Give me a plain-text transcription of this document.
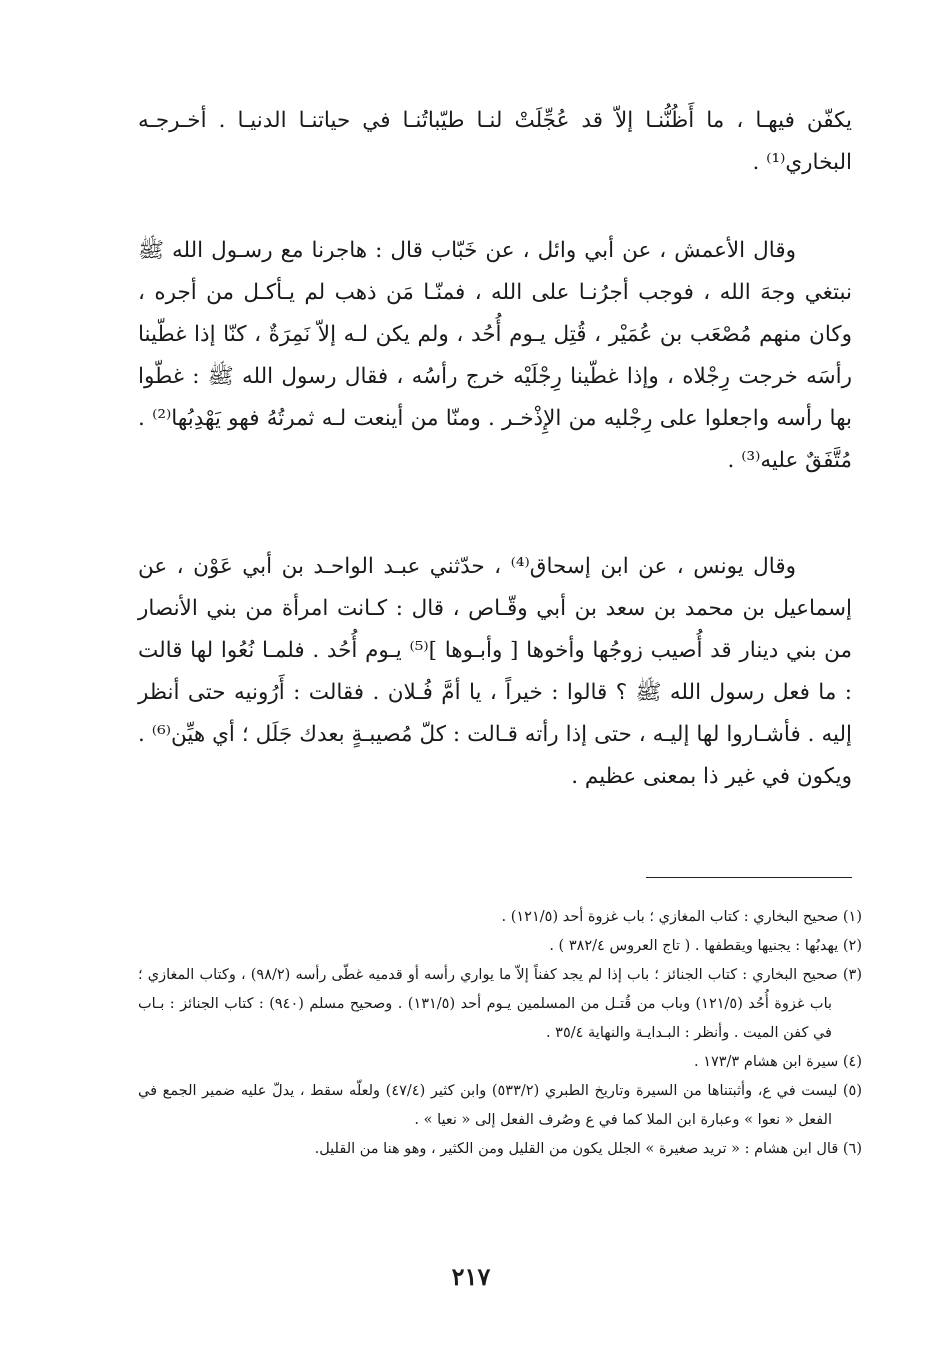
يكفّن فيهـا ، ما أَظُنُّنـا إلاّ قد عُجِّلَتْ لنـا طيّباتُنـا في حياتنـا الدنيـا . أخـرجـه البخاري⁽¹⁾ .

وقال الأعمش ، عن أبي وائل ، عن خَبّاب قال : هاجرنا مع رسـول الله ﷺ نبتغي وجهَ الله ، فوجب أجرُنـا على الله ، فمنّـا مَن ذهب لم يـأكـل من أجره ، وكان منهم مُصْعَب بن عُمَيْر ، قُتِل يـوم أُحُد ، ولم يكن لـه إلاّ نَمِرَةٌ ، كنّا إذا غطّينا رأسَه خرجت رِجْلاه ، وإذا غطّينا رِجْلَيْه خرج رأسُه ، فقال رسول الله ﷺ : غطّوا بها رأسه واجعلوا على رِجْليه من الإِذْخـر . ومنّا من أينعت لـه ثمرتُهُ فهو يَهْدِبُها⁽²⁾ . مُتَّفَقٌ عليه⁽³⁾ .

وقال يونس ، عن ابن إسحاق⁽⁴⁾ ، حدّثني عبـد الواحـد بن أبي عَوْن ، عن إسماعيل بن محمد بن سعد بن أبي وقّـاص ، قال : كـانت امرأة من بني الأنصار من بني دينار قد أُصيب زوجُها وأخوها [ وأبـوها ]⁽⁵⁾ يـوم أُحُد . فلمـا نُعُوا لها قالت : ما فعل رسول الله ﷺ ؟ قالوا : خيراً ، يا أمَّ فُـلان . فقالت : أَرُونيه حتى أنظر إليه . فأشـاروا لها إليـه ، حتى إذا رأته قـالت : كلّ مُصيبـةٍ بعدك جَلَل ؛ أي هيِّن⁽⁶⁾ . ويكون في غير ذا بمعنى عظيم .

(١) صحيح البخاري : كتاب المغازي ؛ باب غزوة أحد (١٢١/٥) .

(٢) يهدبُها : يجنيها ويقطفها . ( تاج العروس ٣٨٢/٤ ) .

(٣) صحيح البخاري : كتاب الجنائز ؛ باب إذا لم يجد كفناً إلاّ ما يواري رأسه أو قدميه غطّى رأسه (٩٨/٢) ، وكتاب المغازي ؛ باب غزوة أُحُد (١٢١/٥) وباب من قُتـل من المسلمين يـوم أحد (١٣١/٥) . وصحيح مسلم (٩٤٠) : كتاب الجنائز : بـاب في كفن الميت . وأنظر : البـدايـة والنهاية ٣٥/٤ .

(٤) سيرة ابن هشام ١٧٣/٣ .

(٥) ليست في ع، وأثبتناها من السيرة وتاريخ الطبري (٥٣٣/٢) وابن كثير (٤٧/٤) ولعلّه سقط ، يدلّ عليه ضمير الجمع في الفعل « نعوا » وعبارة ابن الملا كما في ع وصُرف الفعل إلى « نعيا » .

(٦) قال ابن هشام : « تريد صغيرة » الجلل يكون من القليل ومن الكثير ، وهو هنا من القليل.

٢١٧
